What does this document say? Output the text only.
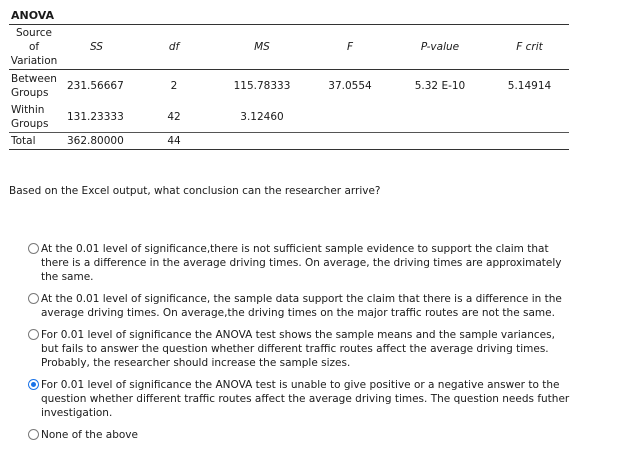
ANOVA
Source
of
Variation	SS	df	MS	F	P-value	F crit

Between
Groups	231.56667	2	115.78333	37.0554	5.32 E-10	5.14914

Within
Groups	131.23333	42	3.12460			
Total	362.80000	44				
Based on the Excel output, what conclusion can the researcher arrive?
At the 0.01 level of significance,there is not sufficient sample evidence to support the claim that there is a difference in the average driving times. On average, the driving times are approximately the same.
At the 0.01 level of significance, the sample data support the claim that there is a difference in the average driving times. On average,the driving times on the major traffic routes are not the same.
For 0.01 level of significance the ANOVA test shows the sample means and the sample variances, but fails to answer the question whether different traffic routes affect the average driving times. Probably, the researcher should increase the sample sizes.
For 0.01 level of significance the ANOVA test is unable to give positive or a negative answer to the question whether different traffic routes affect the average driving times. The question needs futher investigation.
None of the above
